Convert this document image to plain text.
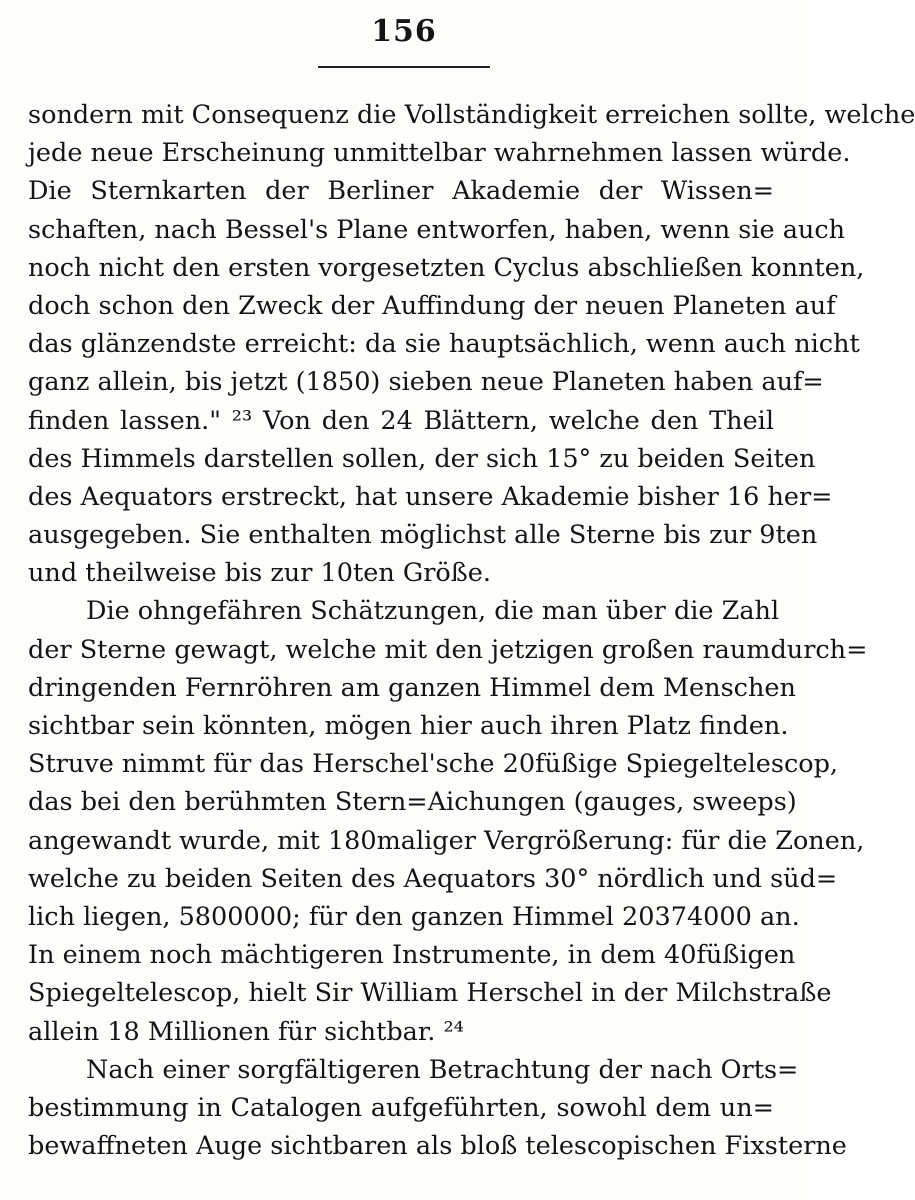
156
sondern mit Consequenz die Vollständigkeit erreichen sollte, welche
jede neue Erscheinung unmittelbar wahrnehmen lassen würde.
Die Sternkarten der Berliner Akademie der Wissen=
schaften, nach Bessel's Plane entworfen, haben, wenn sie auch
noch nicht den ersten vorgesetzten Cyclus abschließen konnten,
doch schon den Zweck der Auffindung der neuen Planeten auf
das glänzendste erreicht: da sie hauptsächlich, wenn auch nicht
ganz allein, bis jetzt (1850) sieben neue Planeten haben auf=
finden lassen." ²³ Von den 24 Blättern, welche den Theil
des Himmels darstellen sollen, der sich 15° zu beiden Seiten
des Aequators erstreckt, hat unsere Akademie bisher 16 her=
ausgegeben. Sie enthalten möglichst alle Sterne bis zur 9ten
und theilweise bis zur 10ten Größe.
Die ohngefähren Schätzungen, die man über die Zahl
der Sterne gewagt, welche mit den jetzigen großen raumdurch=
dringenden Fernröhren am ganzen Himmel dem Menschen
sichtbar sein könnten, mögen hier auch ihren Platz finden.
Struve nimmt für das Herschel'sche 20füßige Spiegeltelescop,
das bei den berühmten Stern=Aichungen (gauges, sweeps)
angewandt wurde, mit 180maliger Vergrößerung: für die Zonen,
welche zu beiden Seiten des Aequators 30° nördlich und süd=
lich liegen, 5800000; für den ganzen Himmel 20374000 an.
In einem noch mächtigeren Instrumente, in dem 40füßigen
Spiegeltelescop, hielt Sir William Herschel in der Milchstraße
allein 18 Millionen für sichtbar. ²⁴
Nach einer sorgfältigeren Betrachtung der nach Orts=
bestimmung in Catalogen aufgeführten, sowohl dem un=
bewaffneten Auge sichtbaren als bloß telescopischen Fixsterne
